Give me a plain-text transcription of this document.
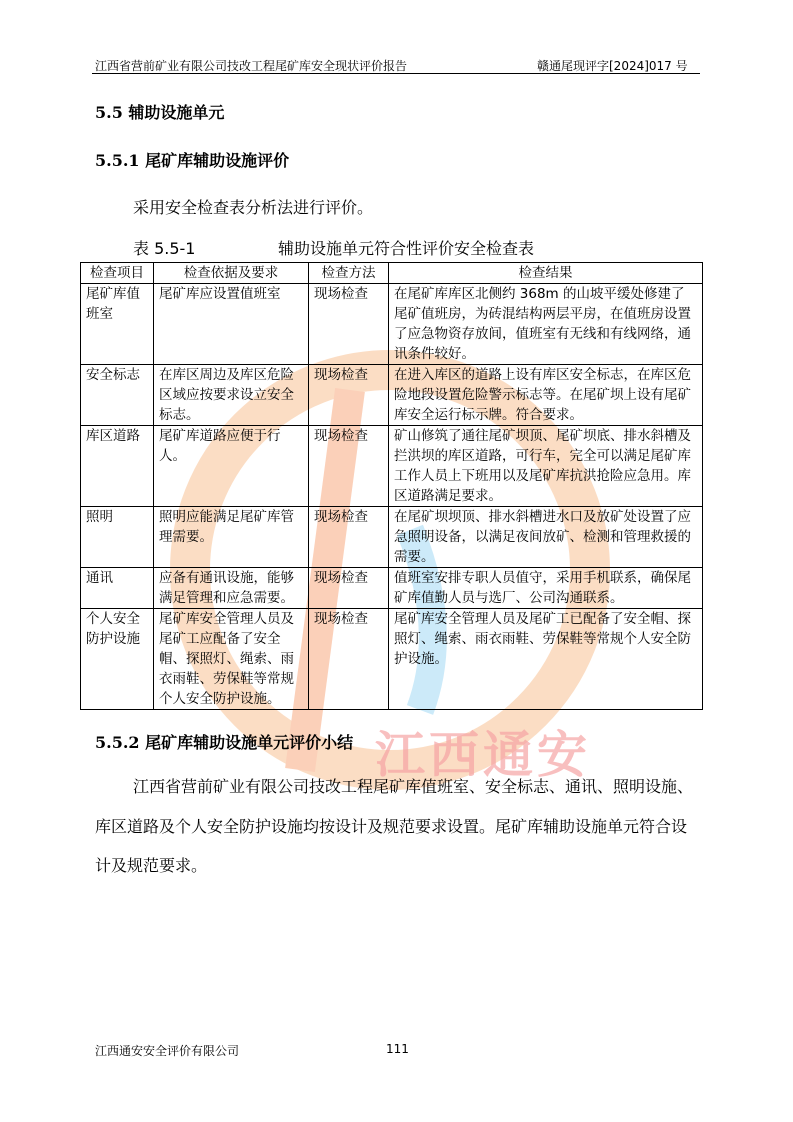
江西省营前矿业有限公司技改工程尾矿库安全现状评价报告	赣通尾现评字[2024]017 号
江西通安
5.5 辅助设施单元
5.5.1 尾矿库辅助设施评价
采用安全检查表分析法进行评价。
表 5.5-1	辅助设施单元符合性评价安全检查表
检查项目	检查依据及要求	检查方法	检查结果
尾矿库值班室	尾矿库应设置值班室	现场检查	在尾矿库库区北侧约 368m 的山坡平缓处修建了尾矿值班房，为砖混结构两层平房，在值班房设置了应急物资存放间，值班室有无线和有线网络，通讯条件较好。
安全标志	在库区周边及库区危险区域应按要求设立安全标志。	现场检查	在进入库区的道路上设有库区安全标志，在库区危险地段设置危险警示标志等。在尾矿坝上设有尾矿库安全运行标示牌。符合要求。
库区道路	尾矿库道路应便于行人。	现场检查	矿山修筑了通往尾矿坝顶、尾矿坝底、排水斜槽及拦洪坝的库区道路，可行车，完全可以满足尾矿库工作人员上下班用以及尾矿库抗洪抢险应急用。库区道路满足要求。
照明	照明应能满足尾矿库管理需要。	现场检查	在尾矿坝坝顶、排水斜槽进水口及放矿处设置了应急照明设备，以满足夜间放矿、检测和管理救援的需要。
通讯	应备有通讯设施，能够满足管理和应急需要。	现场检查	值班室安排专职人员值守，采用手机联系，确保尾矿库值勤人员与选厂、公司沟通联系。
个人安全防护设施	尾矿库安全管理人员及尾矿工应配备了安全帽、探照灯、绳索、雨衣雨鞋、劳保鞋等常规个人安全防护设施。	现场检查	尾矿库安全管理人员及尾矿工已配备了安全帽、探照灯、绳索、雨衣雨鞋、劳保鞋等常规个人安全防护设施。
5.5.2 尾矿库辅助设施单元评价小结
江西省营前矿业有限公司技改工程尾矿库值班室、安全标志、通讯、照明设施、库区道路及个人安全防护设施均按设计及规范要求设置。尾矿库辅助设施单元符合设计及规范要求。
江西通安安全评价有限公司	111
